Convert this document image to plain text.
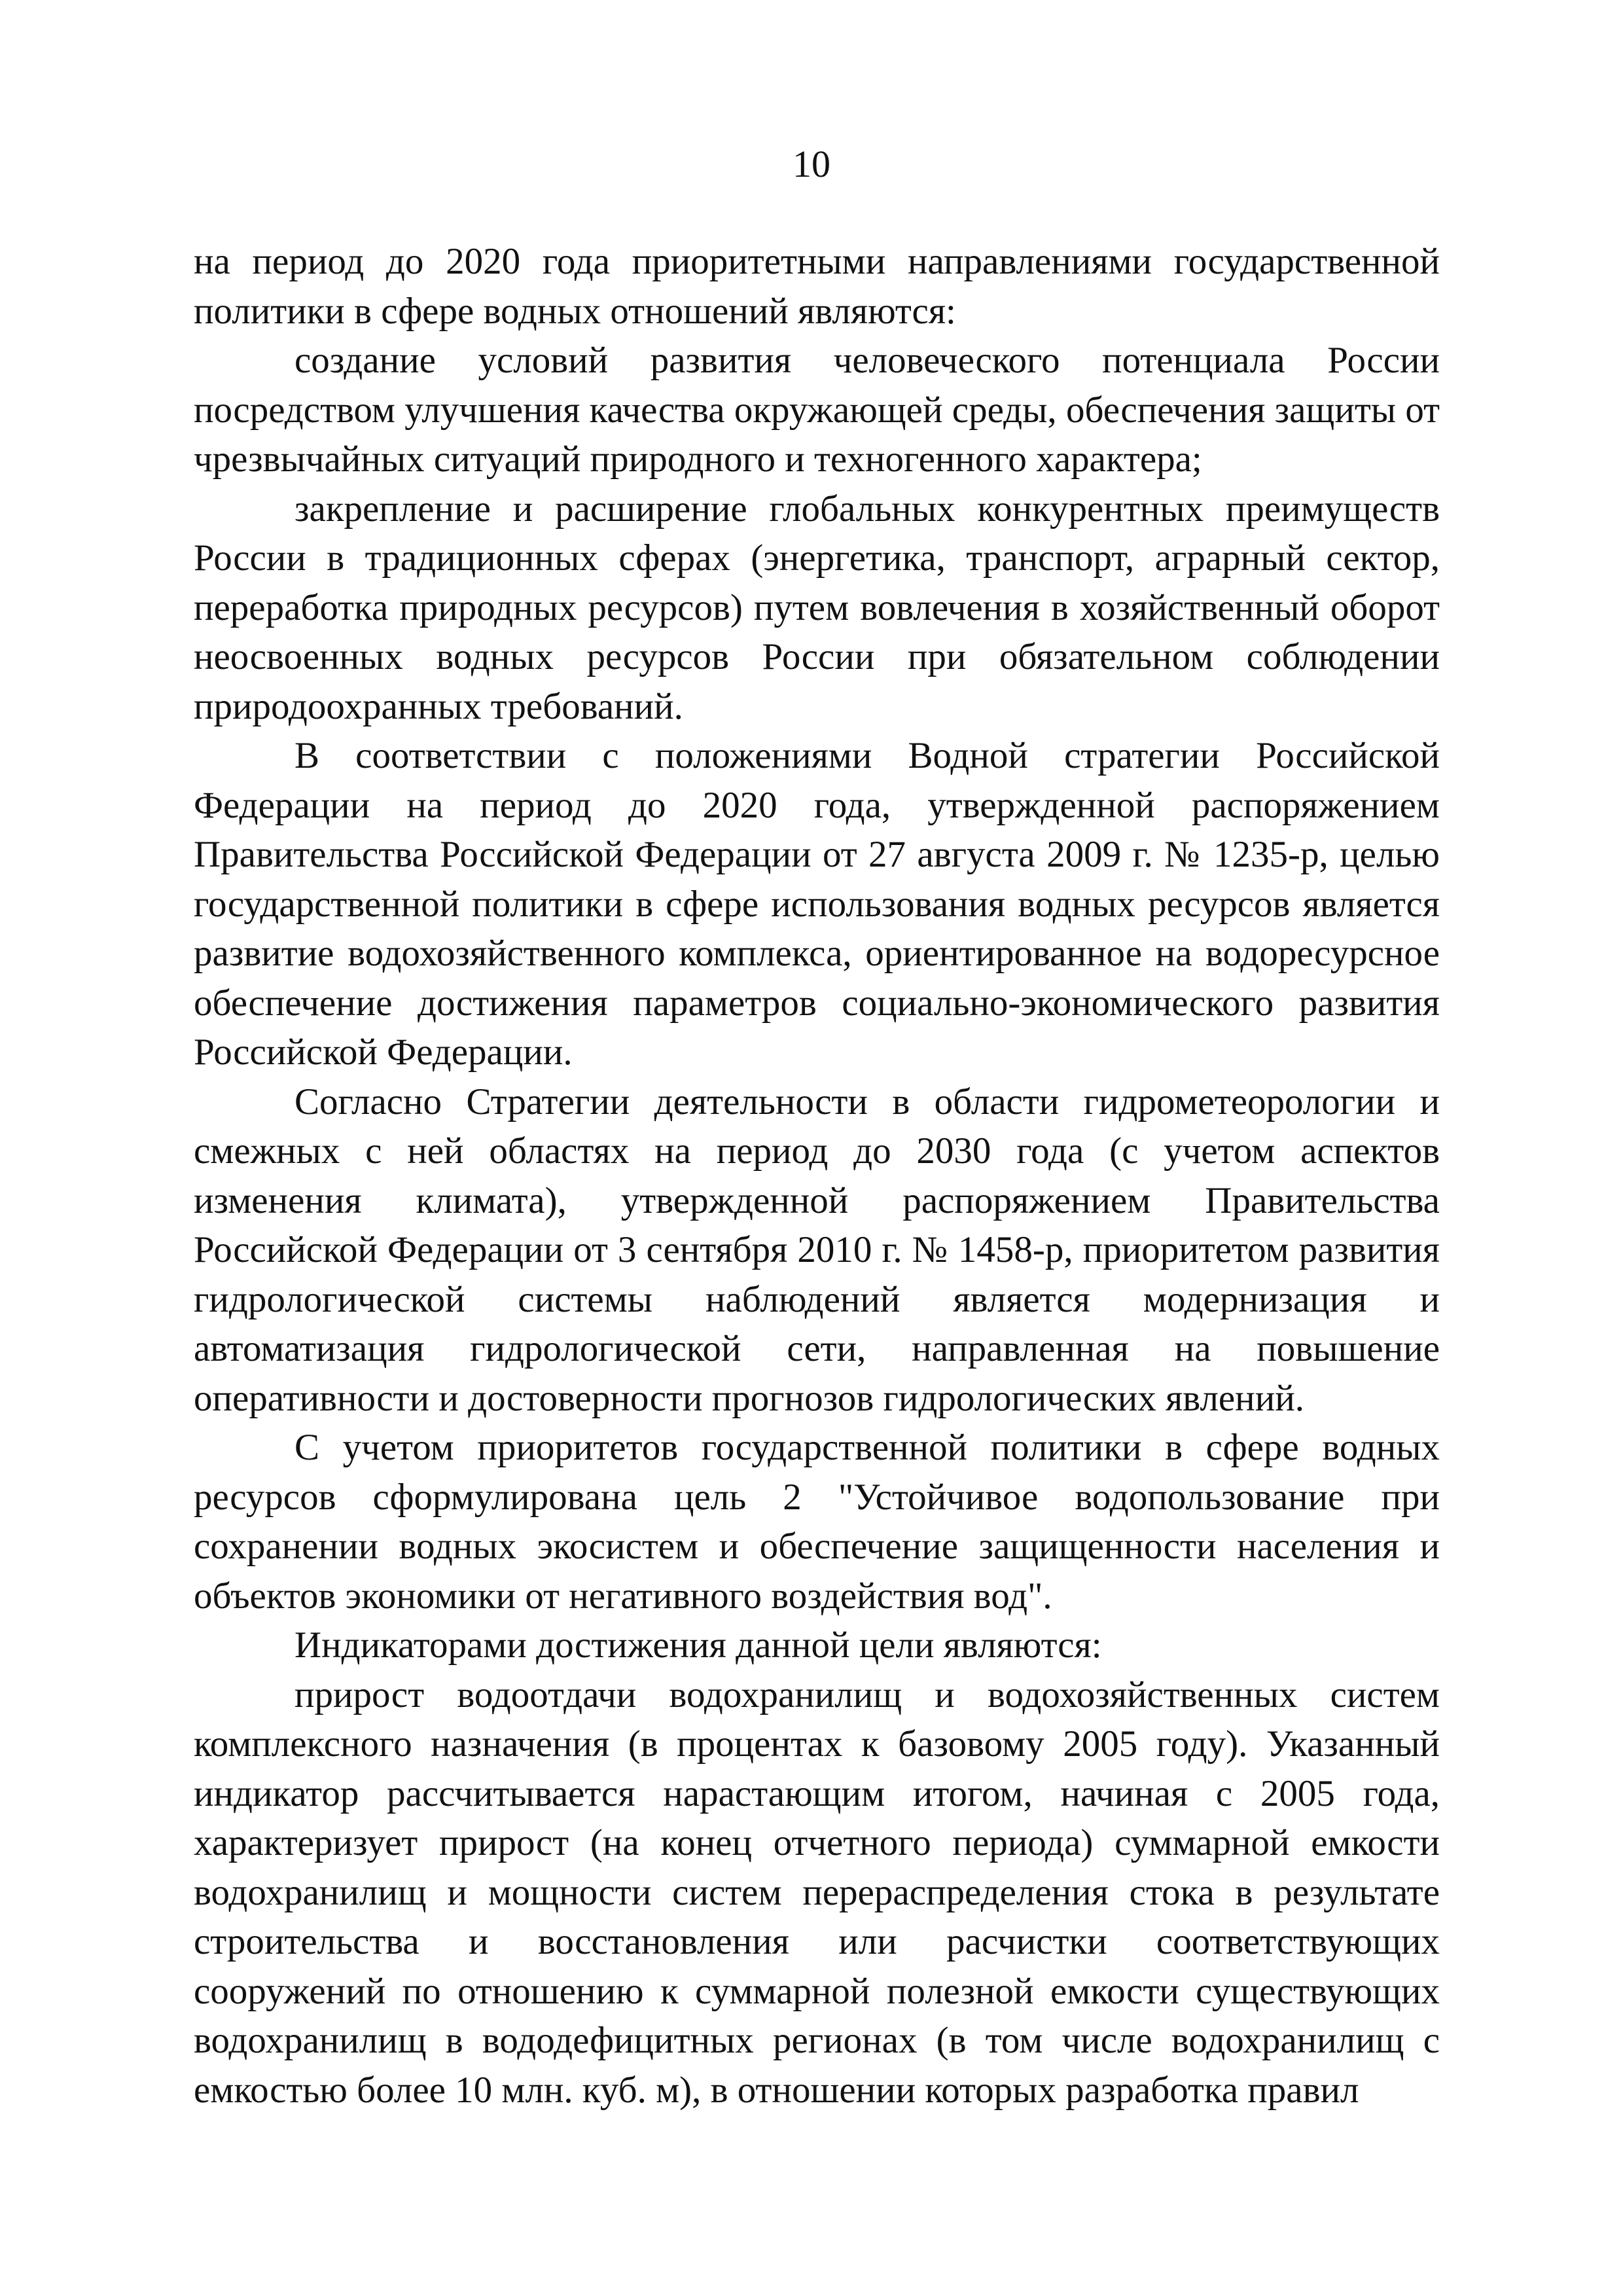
10

на период до 2020 года приоритетными направлениями государственной политики в сфере водных отношений являются:

создание условий развития человеческого потенциала России посредством улучшения качества окружающей среды, обеспечения защиты от чрезвычайных ситуаций природного и техногенного характера;

закрепление и расширение глобальных конкурентных преимуществ России в традиционных сферах (энергетика, транспорт, аграрный сектор, переработка природных ресурсов) путем вовлечения в хозяйственный оборот неосвоенных водных ресурсов России при обязательном соблюдении природоохранных требований.

В соответствии с положениями Водной стратегии Российской Федерации на период до 2020 года, утвержденной распоряжением Правительства Российской Федерации от 27 августа 2009 г. № 1235-р, целью государственной политики в сфере использования водных ресурсов является развитие водохозяйственного комплекса, ориентированное на водоресурсное обеспечение достижения параметров социально-экономического развития Российской Федерации.

Согласно Стратегии деятельности в области гидрометеорологии и смежных с ней областях на период до 2030 года (с учетом аспектов изменения климата), утвержденной распоряжением Правительства Российской Федерации от 3 сентября 2010 г. № 1458-р, приоритетом развития гидрологической системы наблюдений является модернизация и автоматизация гидрологической сети, направленная на повышение оперативности и достоверности прогнозов гидрологических явлений.

С учетом приоритетов государственной политики в сфере водных ресурсов сформулирована цель 2 "Устойчивое водопользование при сохранении водных экосистем и обеспечение защищенности населения и объектов экономики от негативного воздействия вод".

Индикаторами достижения данной цели являются:

прирост водоотдачи водохранилищ и водохозяйственных систем комплексного назначения (в процентах к базовому 2005 году). Указанный индикатор рассчитывается нарастающим итогом, начиная с 2005 года, характеризует прирост (на конец отчетного периода) суммарной емкости водохранилищ и мощности систем перераспределения стока в результате строительства и восстановления или расчистки соответствующих сооружений по отношению к суммарной полезной емкости существующих водохранилищ в вододефицитных регионах (в том числе водохранилищ с емкостью более 10 млн. куб. м), в отношении которых разработка правил
